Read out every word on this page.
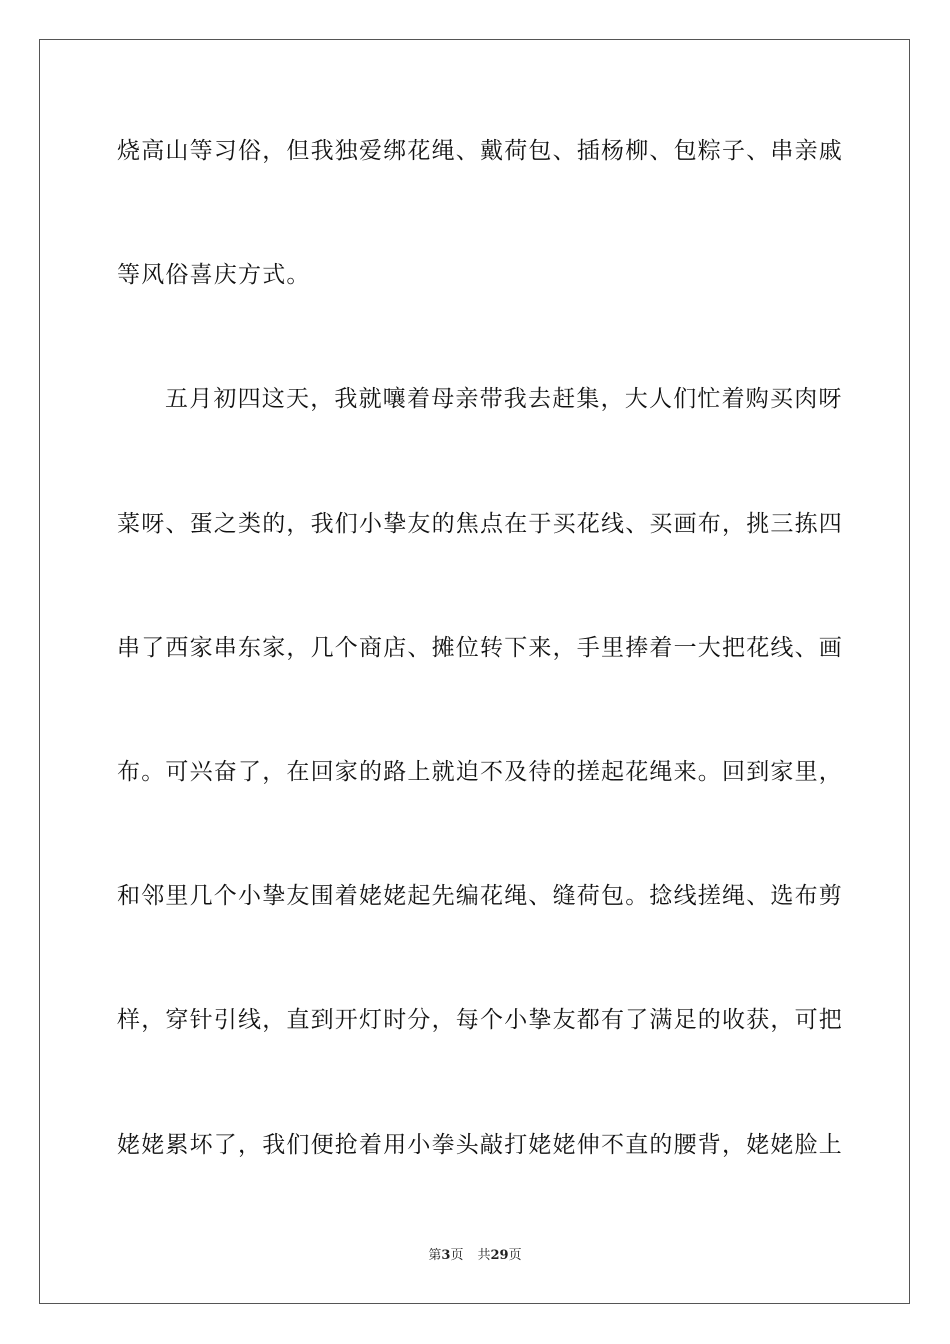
烧高山等习俗，但我独爱绑花绳、戴荷包、插杨柳、包粽子、串亲戚
等风俗喜庆方式。
五月初四这天，我就嚷着母亲带我去赶集，大人们忙着购买肉呀
菜呀、蛋之类的，我们小挚友的焦点在于买花线、买画布，挑三拣四
串了西家串东家，几个商店、摊位转下来，手里捧着一大把花线、画
布。可兴奋了，在回家的路上就迫不及待的搓起花绳来。回到家里，
和邻里几个小挚友围着姥姥起先编花绳、缝荷包。捻线搓绳、选布剪
样，穿针引线，直到开灯时分，每个小挚友都有了满足的收获，可把
姥姥累坏了，我们便抢着用小拳头敲打姥姥伸不直的腰背，姥姥脸上
第3页 共29页
